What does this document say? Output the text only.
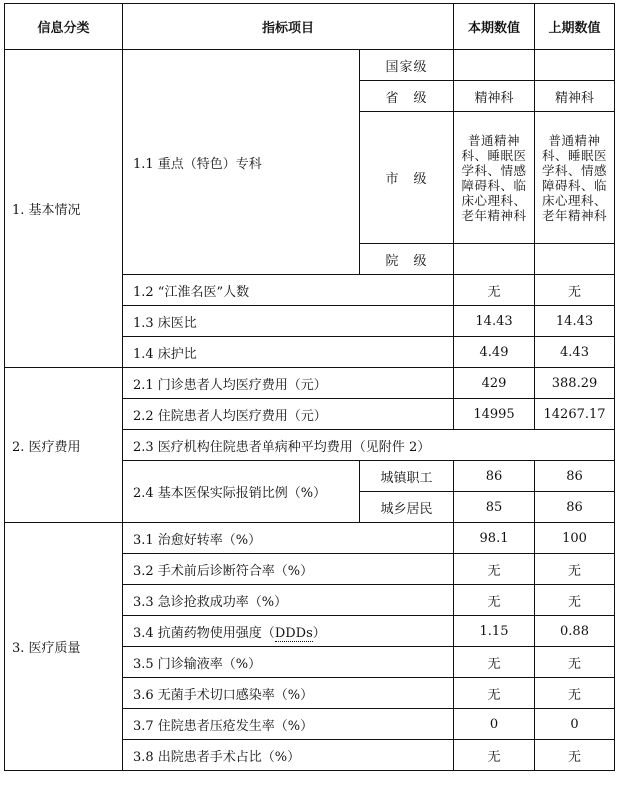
信息分类	指标项目		本期数值	上期数值
1. 基本情况	1.1 重点（特色）专科	国家级		
		省　级	精神科	精神科
		市　级	普通精神科、睡眠医学科、情感障碍科、临床心理科、老年精神科	普通精神科、睡眠医学科、情感障碍科、临床心理科、老年精神科
		院　级		
	1.2 “江淮名医”人数		无	无
	1.3 床医比		14.43	14.43
	1.4 床护比		4.49	4.43
2. 医疗费用	2.1 门诊患者人均医疗费用（元）		429	388.29
	2.2 住院患者人均医疗费用（元）		14995	14267.17
	2.3 医疗机构住院患者单病种平均费用（见附件 2）			
	2.4 基本医保实际报销比例（%）	城镇职工	86	86
		城乡居民	85	86
3. 医疗质量	3.1 治愈好转率（%）		98.1	100
	3.2 手术前后诊断符合率（%）		无	无
	3.3 急诊抢救成功率（%）		无	无
	3.4 抗菌药物使用强度（DDDs）		1.15	0.88
	3.5 门诊输液率（%）		无	无
	3.6 无菌手术切口感染率（%）		无	无
	3.7 住院患者压疮发生率（%）		0	0
	3.8 出院患者手术占比（%）		无	无
